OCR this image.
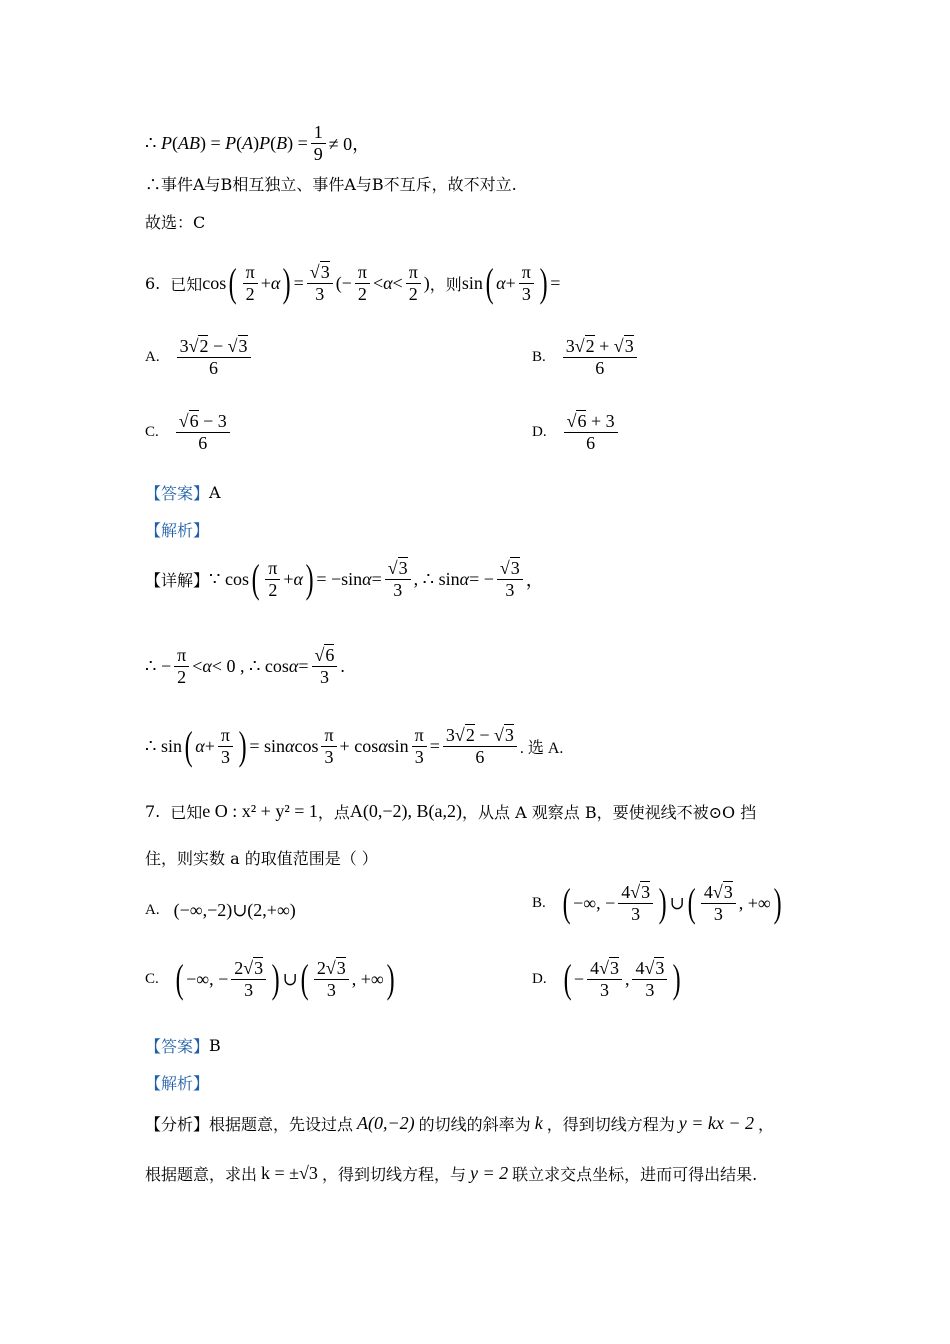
∴ $P(AB) = P(A)P(B) = \frac{1}{9} \ne 0$，
∴事件A与B相互独立、事件A与B不互斥，故不对立.
故选：C
6. 已知 cos ( $\frac{\pi}{2} + \alpha$ ) = $\frac{√3}{3}$ (− $\frac{\pi}{2} < \alpha < \frac{\pi}{2}$ ) ，则 sin ( $\alpha + \frac{\pi}{3}$ ) =
A. $\frac{3√2 - √3}{6}$	B. $\frac{3√2 + √3}{6}$
C. $\frac{√6 - 3}{6}$	D. $\frac{√6 + 3}{6}$
【答案】 A
【解析】
【详解】 ∵ cos ( $\frac{\pi}{2} + \alpha$ ) = −sin $\alpha = \frac{√3}{3}$ , ∴ sin α = − $\frac{√3}{3}$ ，
∴ − $\frac{\pi}{2} < \alpha < 0$ , ∴ $\cos \alpha = \frac{√6}{3}$ .
∴ sin ( $\alpha + \frac{\pi}{3}$ ) = sin α $\cos \frac{\pi}{3} + \cos \alpha$ $\sin \frac{\pi}{3} = \frac{3√2 - √3}{6}$ . 选 A.
7. 已知 e O : x² + y² = 1 ，点 A(0,−2), B(a,2) ，从点 A 观察点 B，要使视线不被⊙O 挡
住，则实数 a 的取值范围是（ ）
A. (−∞,−2)∪(2,+∞)	B. ( −∞, − $\frac{4√3}{3}$ ) ∪ ( $\frac{4√3}{3}$ , +∞ )
C. ( −∞, − $\frac{2√3}{3}$ ) ∪ ( $\frac{2√3}{3}$ , +∞ )	D. ( − $\frac{4√3}{3}$ , $\frac{4√3}{3}$ )
【答案】 B
【解析】
【分析】 根据题意，先设过点 A(0,−2) 的切线的斜率为 k ，得到切线方程为 y = kx − 2 ，
根据题意，求出 k = ±√3 ，得到切线方程，与 y = 2 联立求交点坐标，进而可得出结果.
